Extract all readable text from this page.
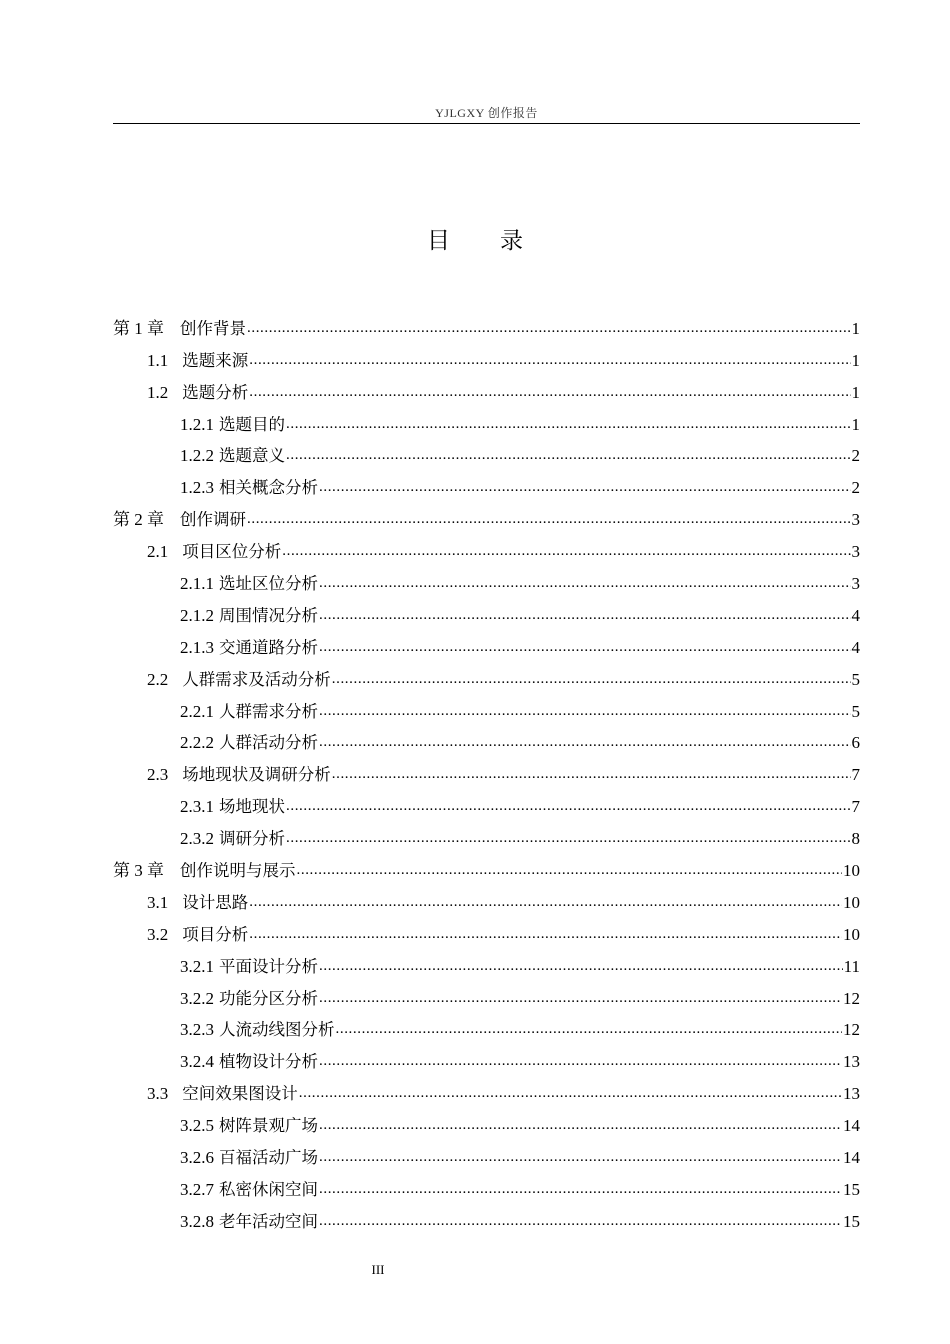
YJLGXY 创作报告
目录
第 1 章 创作背景 .....	1
1.1 选题来源 .....	1
1.2 选题分析 .....	1
1.2.1 选题目的 .....	1
1.2.2 选题意义 .....	2
1.2.3 相关概念分析 .....	2
第 2 章 创作调研 .....	3
2.1 项目区位分析 .....	3
2.1.1 选址区位分析 .....	3
2.1.2 周围情况分析 .....	4
2.1.3 交通道路分析 .....	4
2.2 人群需求及活动分析 .....	5
2.2.1 人群需求分析 .....	5
2.2.2 人群活动分析 .....	6
2.3 场地现状及调研分析 .....	7
2.3.1 场地现状 .....	7
2.3.2 调研分析 .....	8
第 3 章 创作说明与展示 .....	10
3.1 设计思路 .....	10
3.2 项目分析 .....	10
3.2.1 平面设计分析 .....	11
3.2.2 功能分区分析 .....	12
3.2.3 人流动线图分析 .....	12
3.2.4 植物设计分析 .....	13
3.3 空间效果图设计 .....	13
3.2.5 树阵景观广场 .....	14
3.2.6 百福活动广场 .....	14
3.2.7 私密休闲空间 .....	15
3.2.8 老年活动空间 .....	15
III
